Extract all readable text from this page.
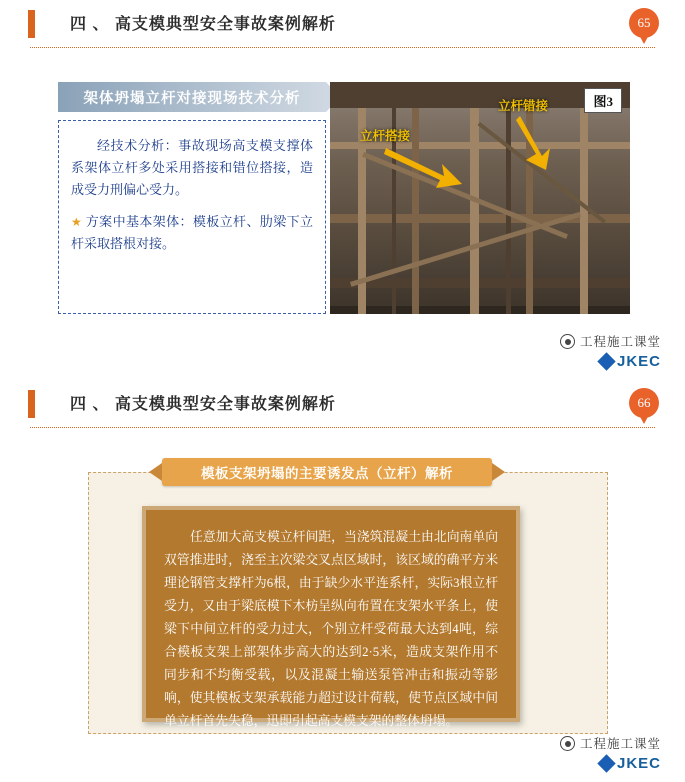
四 、 高支模典型安全事故案例解析	65
架体坍塌立杆对接现场技术分析

经技术分析：事故现场高支模支撑体系架体立杆多处采用搭接和错位搭接，造成受力刑偏心受力。

★ 方案中基本架体：模板立杆、肋梁下立杆采取搭根对接。

图3
立杆错接
立杆搭接
工程施工课堂
JKEC
四 、 高支模典型安全事故案例解析	66
模板支架坍塌的主要诱发点（立杆）解析

任意加大高支模立杆间距，当浇筑混凝土由北向南单向双管推进时，浇至主次梁交叉点区域时，该区域的确平方米理论钢管支撑杆为6根，由于缺少水平连系杆，实际3根立杆受力，又由于梁底模下木枋呈纵向布置在支架水平条上，使梁下中间立杆的受力过大，个别立杆受荷最大达到4吨，综合模板支架上部架体步高大的达到2·5米，造成支架作用不同步和不均衡受载，以及混凝土输送泵管冲击和振动等影响，使其模板支架承载能力超过设计荷载，使节点区域中间单立杆首先失稳，迅即引起高支模支架的整体坍塌。

工程施工课堂
JKEC
